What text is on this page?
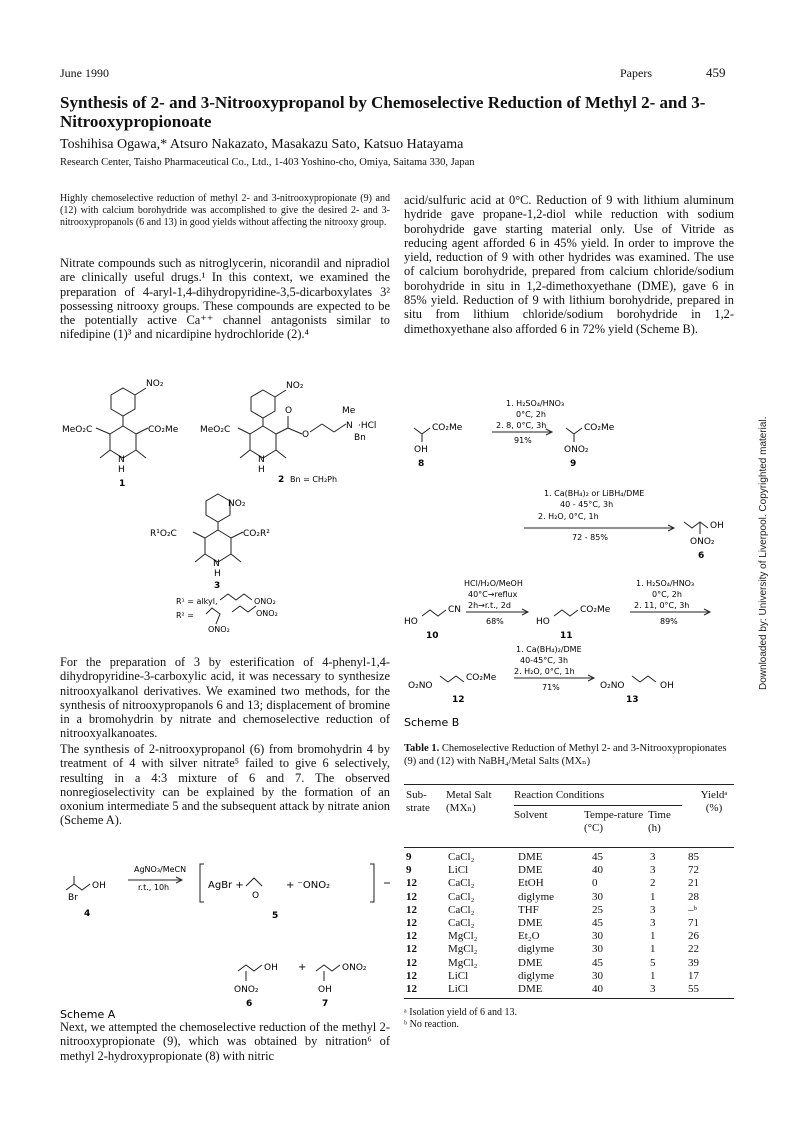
June 1990	Papers	459
Synthesis of 2- and 3-Nitrooxypropanol by Chemoselective Reduction of Methyl 2- and 3-Nitrooxypropionoate
Toshihisa Ogawa,* Atsuro Nakazato, Masakazu Sato, Katsuo Hatayama
Research Center, Taisho Pharmaceutical Co., Ltd., 1-403 Yoshino-cho, Omiya, Saitama 330, Japan
Highly chemoselective reduction of methyl 2- and 3-nitrooxypropionate (9) and (12) with calcium borohydride was accomplished to give the desired 2- and 3-nitrooxypropanols (6 and 13) in good yields without affecting the nitrooxy group.

Nitrate compounds such as nitroglycerin, nicorandil and nipradiol are clinically useful drugs.¹ In this context, we examined the preparation of 4-aryl-1,4-dihydropyridine-3,5-dicarboxylates 3² possessing nitrooxy groups. These compounds are expected to be the potentially active Ca⁺⁺ channel antagonists similar to nifedipine (1)³ and nicardipine hydrochloride (2).⁴

NO₂
MeO₂C	CO₂Me
N
H
1
NO₂
MeO₂C
O
O
Me
N ·HCl
Bn
N
H
2 Bn = CH₂Ph
NO₂
R¹O₂C	CO₂R²
N
H
3
R¹ = alkyl,	ONO₂
R² =	ONO₂
ONO₂

For the preparation of 3 by esterification of 4-phenyl-1,4-dihydropyridine-3-carboxylic acid, it was necessary to synthesize nitrooxyalkanol derivatives. We examined two methods, for the synthesis of nitrooxypropanols 6 and 13; displacement of bromine in a bromohydrin by nitrate and chemoselective reduction of nitrooxyalkanoates.

The synthesis of 2-nitrooxypropanol (6) from bromohydrin 4 by treatment of 4 with silver nitrate⁵ failed to give 6 selectively, resulting in a 4:3 mixture of 6 and 7. The observed nonregioselectivity can be explained by the formation of an oxonium intermediate 5 and the subsequent attack by nitrate anion (Scheme A).

AgNO₃/MeCN
r.t., 10h
OH
Br
4
AgBr +
O
+ ⁻ONO₂
5
OH
ONO₂
+	ONO₂
OH
6	7
Scheme A

Next, we attempted the chemoselective reduction of the methyl 2-nitrooxypropionate (9), which was obtained by nitration⁶ of methyl 2-hydroxypropionate (8) with nitric

acid/sulfuric acid at 0°C. Reduction of 9 with lithium aluminum hydride gave propane-1,2-diol while reduction with sodium borohydride gave starting material only. Use of Vitride as reducing agent afforded 6 in 45% yield. In order to improve the yield, reduction of 9 with other hydrides was examined. The use of calcium borohydride, prepared from calcium chloride/sodium borohydride in situ in 1,2-dimethoxyethane (DME), gave 6 in 85% yield. Reduction of 9 with lithium borohydride, prepared in situ from lithium chloride/sodium borohydride in 1,2-dimethoxyethane also afforded 6 in 72% yield (Scheme B).

1. H₂SO₄/HNO₃
0°C, 2h
2. 8, 0°C, 3h
91%
CO₂Me
OH
8
CO₂Me
ONO₂
9
1. Ca(BH₄)₂ or LiBH₄/DME
40 - 45°C, 3h
2. H₂O, 0°C, 1h
72 - 85%
OH
ONO₂
6
HCl/H₂O/MeOH
40°C→reflux
2h→r.t., 2d
68%
HO
CN
10
HO
CO₂Me
11
1. H₂SO₄/HNO₃
0°C, 2h
2. 11, 0°C, 3h
89%
1. Ca(BH₄)₂/DME
40-45°C, 3h
2. H₂O, 0°C, 1h
71%
O₂NO
CO₂Me
12
O₂NO	OH
13
Scheme B
Table 1. Chemoselective Reduction of Methyl 2- and 3-Nitrooxypropionates (9) and (12) with NaBH₄/Metal Salts (MXₙ)
Sub-strate
Metal Salt (MXₙ)
Reaction Conditions	Yieldᵃ (%)
Solvent	Tempe-rature (°C)
Time (h)
9	CaCl₂	DME	45	3	85
9	LiCl	DME	40	3	72
12	CaCl₂	EtOH	0	2	21
12	CaCl₂	diglyme	30	1	28
12	CaCl₂	THF	25	3	–ᵇ
12	CaCl₂	DME	45	3	71
12	MgCl₂	Et₂O	30	1	26
12	MgCl₂	diglyme	30	1	22
12	MgCl₂	DME	45	5	39
12	LiCl	diglyme	30	1	17
12	LiCl	DME	40	3	55
ᵃ Isolation yield of 6 and 13.
ᵇ No reaction.
Downloaded by: University of Liverpool. Copyrighted material.
